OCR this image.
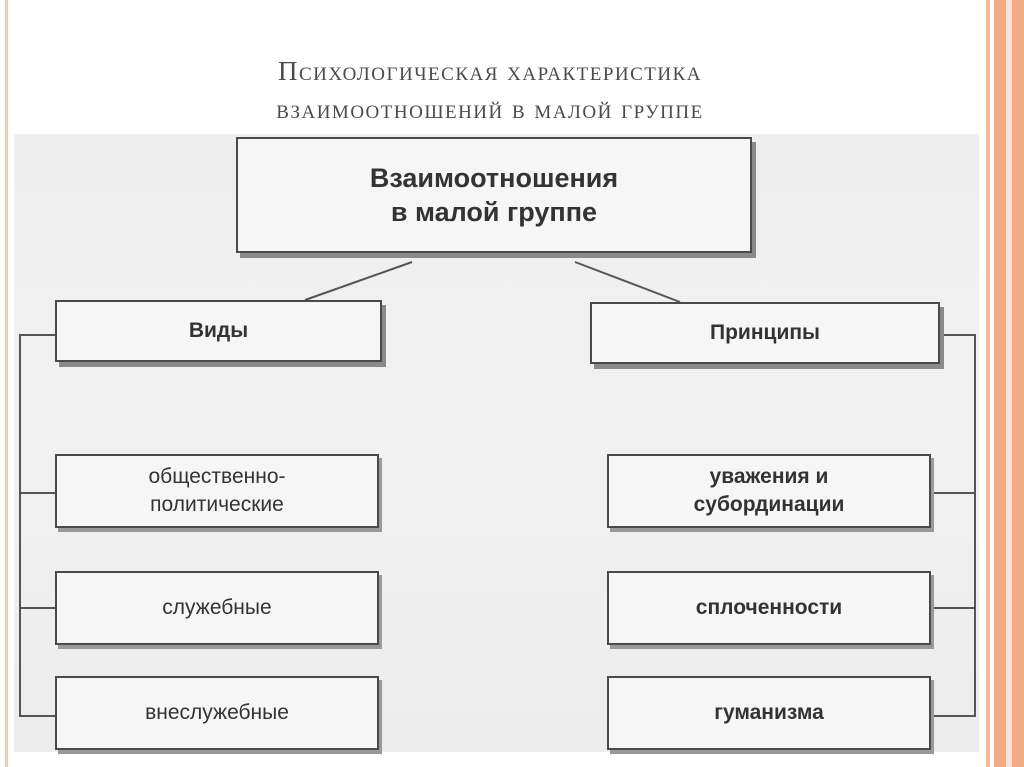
Психологическая характеристика
взаимоотношений в малой группе
Взаимоотношения
в малой группе
Виды	Принципы
общественно-
политические
служебные
внеслужебные
уважения и
субординации
сплоченности
гуманизма
